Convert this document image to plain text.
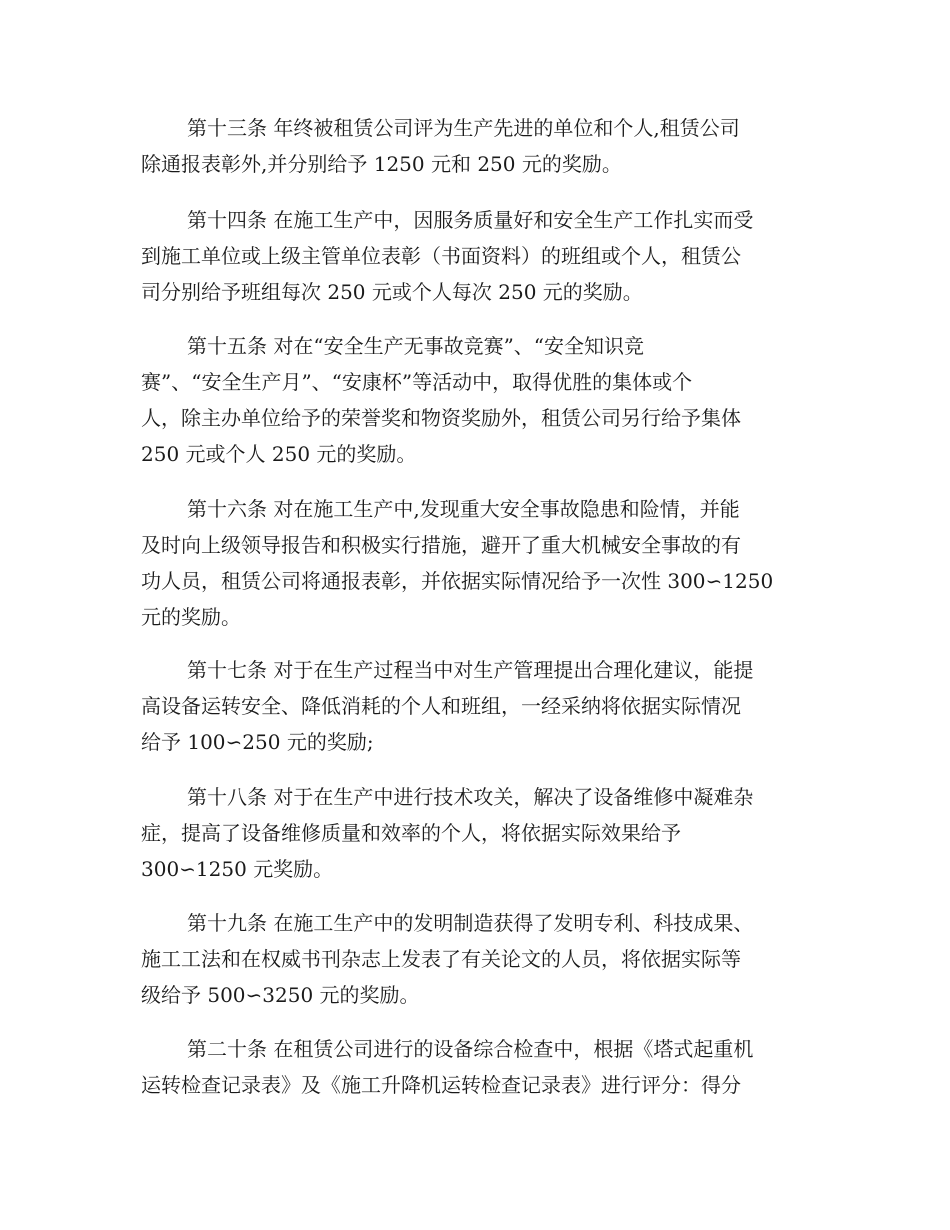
第十三条 年终被租赁公司评为生产先进的单位和个人,租赁公司
除通报表彰外,并分别给予 1250 元和 250 元的奖励。
第十四条 在施工生产中，因服务质量好和安全生产工作扎实而受
到施工单位或上级主管单位表彰（书面资料）的班组或个人，租赁公
司分别给予班组每次 250 元或个人每次 250 元的奖励。
第十五条 对在“安全生产无事故竞赛”、“安全知识竞
赛”、“安全生产月”、“安康杯”等活动中，取得优胜的集体或个
人，除主办单位给予的荣誉奖和物资奖励外，租赁公司另行给予集体
250 元或个人 250 元的奖励。
第十六条 对在施工生产中,发现重大安全事故隐患和险情，并能
及时向上级领导报告和积极实行措施，避开了重大机械安全事故的有
功人员，租赁公司将通报表彰，并依据实际情况给予一次性 300∽1250
元的奖励。
第十七条 对于在生产过程当中对生产管理提出合理化建议，能提
高设备运转安全、降低消耗的个人和班组，一经采纳将依据实际情况
给予 100∽250 元的奖励;
第十八条 对于在生产中进行技术攻关，解决了设备维修中凝难杂
症，提高了设备维修质量和效率的个人，将依据实际效果给予
300∽1250 元奖励。
第十九条 在施工生产中的发明制造获得了发明专利、科技成果、
施工工法和在权威书刊杂志上发表了有关论文的人员，将依据实际等
级给予 500∽3250 元的奖励。
第二十条 在租赁公司进行的设备综合检查中，根据《塔式起重机
运转检查记录表》及《施工升降机运转检查记录表》进行评分：得分
